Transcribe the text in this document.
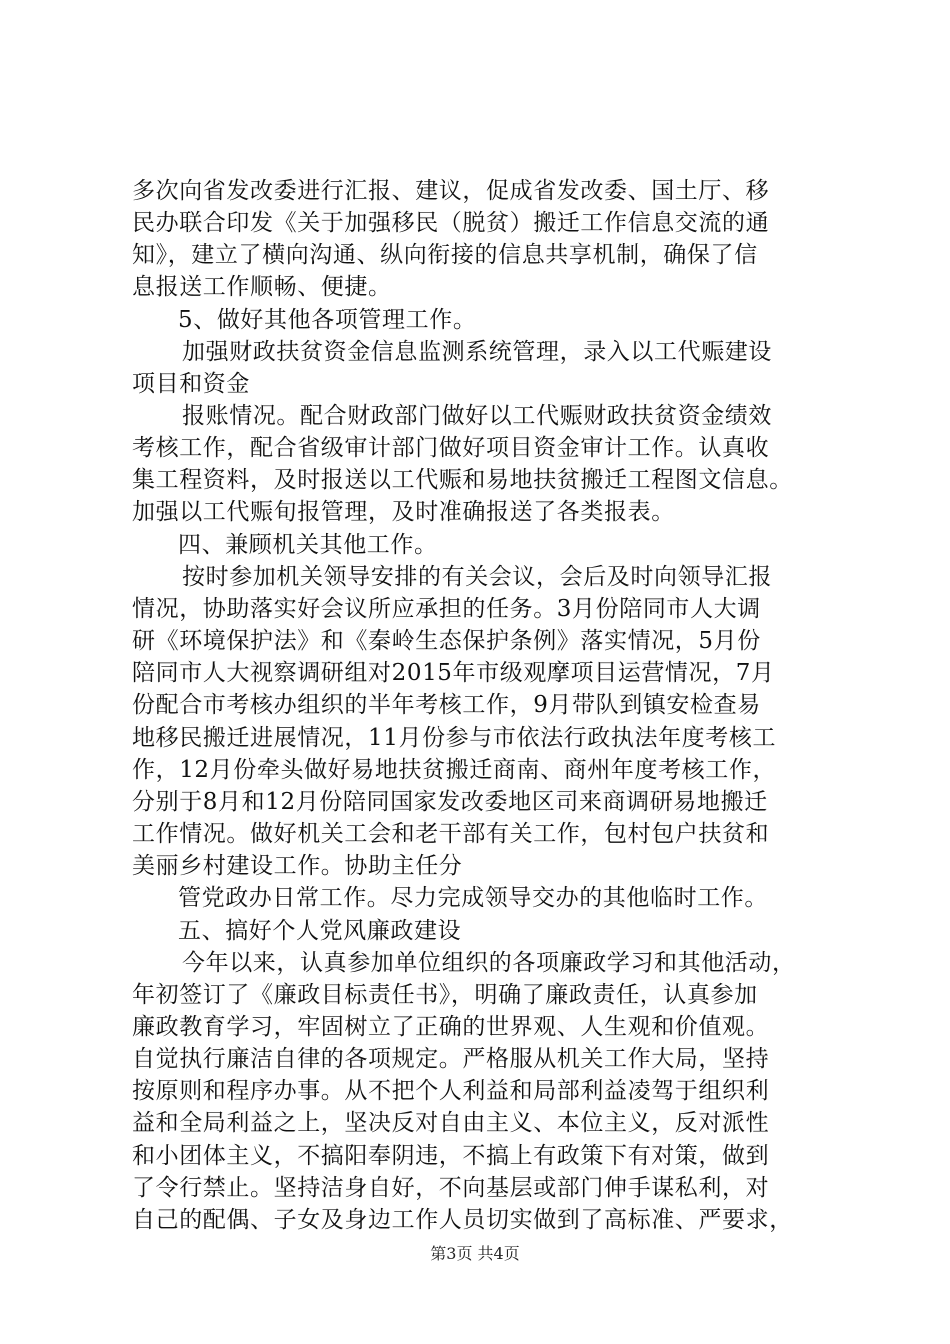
多次向省发改委进行汇报、建议，促成省发改委、国土厅、移
民办联合印发《关于加强移民（脱贫）搬迁工作信息交流的通
知》，建立了横向沟通、纵向衔接的信息共享机制，确保了信
息报送工作顺畅、便捷。
5、做好其他各项管理工作。
加强财政扶贫资金信息监测系统管理，录入以工代赈建设
项目和资金
报账情况。配合财政部门做好以工代赈财政扶贫资金绩效
考核工作，配合省级审计部门做好项目资金审计工作。认真收
集工程资料，及时报送以工代赈和易地扶贫搬迁工程图文信息。
加强以工代赈旬报管理，及时准确报送了各类报表。
四、兼顾机关其他工作。
按时参加机关领导安排的有关会议，会后及时向领导汇报
情况，协助落实好会议所应承担的任务。3月份陪同市人大调
研《环境保护法》和《秦岭生态保护条例》落实情况，5月份
陪同市人大视察调研组对2015年市级观摩项目运营情况，7月
份配合市考核办组织的半年考核工作，9月带队到镇安检查易
地移民搬迁进展情况，11月份参与市依法行政执法年度考核工
作，12月份牵头做好易地扶贫搬迁商南、商州年度考核工作，
分别于8月和12月份陪同国家发改委地区司来商调研易地搬迁
工作情况。做好机关工会和老干部有关工作，包村包户扶贫和
美丽乡村建设工作。协助主任分
管党政办日常工作。尽力完成领导交办的其他临时工作。
五、搞好个人党风廉政建设
今年以来，认真参加单位组织的各项廉政学习和其他活动，
年初签订了《廉政目标责任书》，明确了廉政责任，认真参加
廉政教育学习，牢固树立了正确的世界观、人生观和价值观。
自觉执行廉洁自律的各项规定。严格服从机关工作大局，坚持
按原则和程序办事。从不把个人利益和局部利益凌驾于组织利
益和全局利益之上，坚决反对自由主义、本位主义，反对派性
和小团体主义，不搞阳奉阴违，不搞上有政策下有对策，做到
了令行禁止。坚持洁身自好，不向基层或部门伸手谋私利，对
自己的配偶、子女及身边工作人员切实做到了高标准、严要求，
第3页 共4页
